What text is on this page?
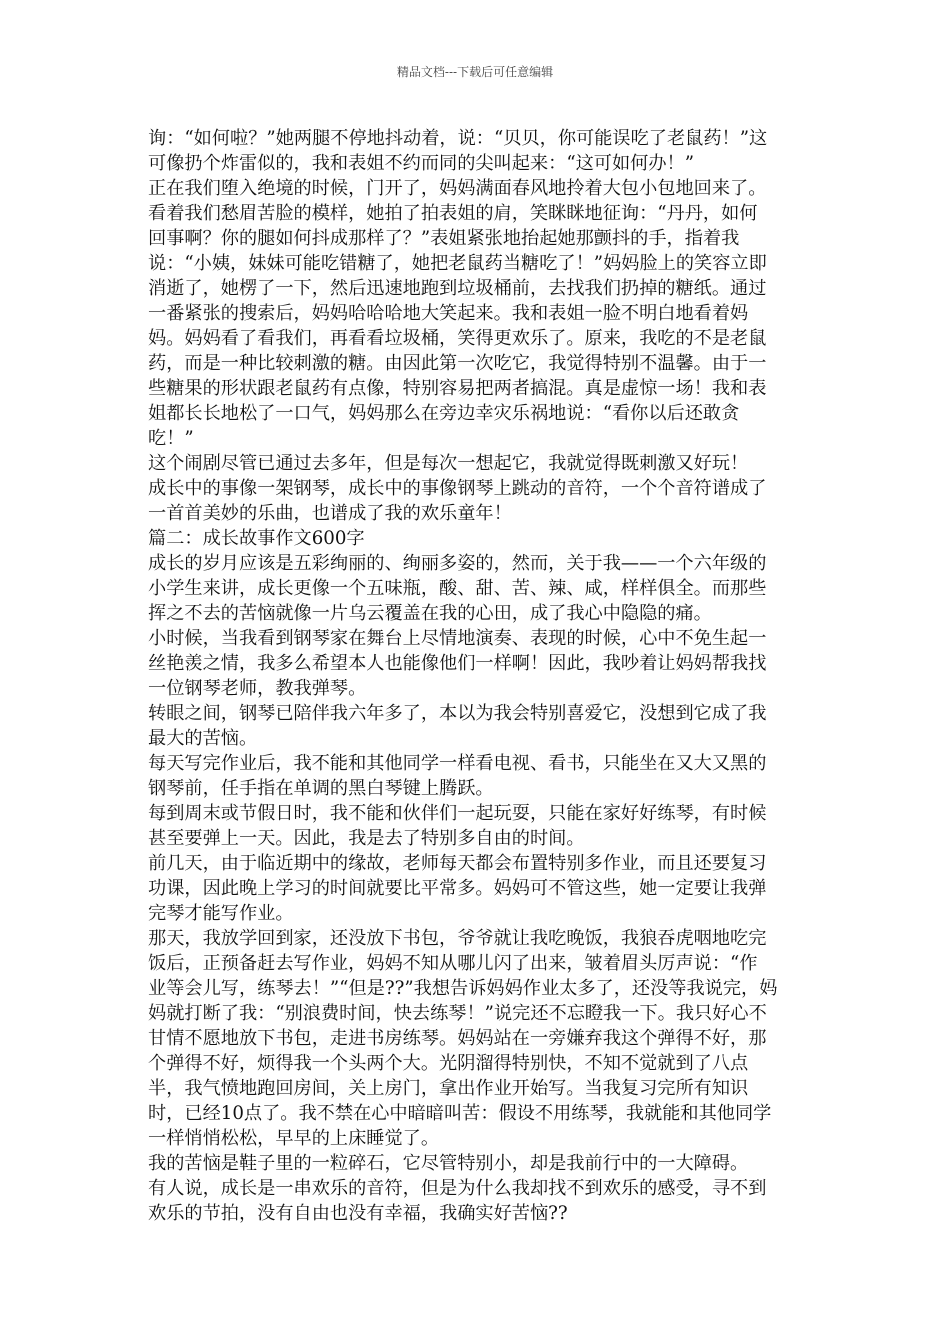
精品文档---下载后可任意编辑

询：“如何啦？”她两腿不停地抖动着，说：“贝贝，你可能误吃了老鼠药！”这
可像扔个炸雷似的，我和表姐不约而同的尖叫起来：“这可如何办！”

正在我们堕入绝境的时候，门开了，妈妈满面春风地拎着大包小包地回来了。
看着我们愁眉苦脸的模样，她拍了拍表姐的肩，笑眯眯地征询：“丹丹，如何
回事啊？你的腿如何抖成那样了？”表姐紧张地抬起她那颤抖的手，指着我
说：“小姨，妹妹可能吃错糖了，她把老鼠药当糖吃了！”妈妈脸上的笑容立即
消逝了，她楞了一下，然后迅速地跑到垃圾桶前，去找我们扔掉的糖纸。通过
一番紧张的搜索后，妈妈哈哈哈地大笑起来。我和表姐一脸不明白地看着妈
妈。妈妈看了看我们，再看看垃圾桶，笑得更欢乐了。原来，我吃的不是老鼠
药，而是一种比较刺激的糖。由因此第一次吃它，我觉得特别不温馨。由于一
些糖果的形状跟老鼠药有点像，特别容易把两者搞混。真是虚惊一场！我和表
姐都长长地松了一口气，妈妈那么在旁边幸灾乐祸地说：“看你以后还敢贪
吃！”

这个闹剧尽管已通过去多年，但是每次一想起它，我就觉得既刺激又好玩！

成长中的事像一架钢琴，成长中的事像钢琴上跳动的音符，一个个音符谱成了
一首首美妙的乐曲，也谱成了我的欢乐童年！

篇二：成长故事作文600字

成长的岁月应该是五彩绚丽的、绚丽多姿的，然而，关于我——一个六年级的
小学生来讲，成长更像一个五味瓶，酸、甜、苦、辣、咸，样样俱全。而那些
挥之不去的苦恼就像一片乌云覆盖在我的心田，成了我心中隐隐的痛。

小时候，当我看到钢琴家在舞台上尽情地演奏、表现的时候，心中不免生起一
丝艳羡之情，我多么希望本人也能像他们一样啊！因此，我吵着让妈妈帮我找
一位钢琴老师，教我弹琴。

转眼之间，钢琴已陪伴我六年多了，本以为我会特别喜爱它，没想到它成了我
最大的苦恼。

每天写完作业后，我不能和其他同学一样看电视、看书，只能坐在又大又黑的
钢琴前，任手指在单调的黑白琴键上腾跃。

每到周末或节假日时，我不能和伙伴们一起玩耍，只能在家好好练琴，有时候
甚至要弹上一天。因此，我是去了特别多自由的时间。

前几天，由于临近期中的缘故，老师每天都会布置特别多作业，而且还要复习
功课，因此晚上学习的时间就要比平常多。妈妈可不管这些，她一定要让我弹
完琴才能写作业。

那天，我放学回到家，还没放下书包，爷爷就让我吃晚饭，我狼吞虎咽地吃完
饭后，正预备赶去写作业，妈妈不知从哪儿闪了出来，皱着眉头厉声说：“作
业等会儿写，练琴去！”“但是??”我想告诉妈妈作业太多了，还没等我说完，妈
妈就打断了我：“别浪费时间，快去练琴！”说完还不忘瞪我一下。我只好心不
甘情不愿地放下书包，走进书房练琴。妈妈站在一旁嫌弃我这个弹得不好，那
个弹得不好，烦得我一个头两个大。光阴溜得特别快，不知不觉就到了八点
半，我气愤地跑回房间，关上房门，拿出作业开始写。当我复习完所有知识
时，已经10点了。我不禁在心中暗暗叫苦：假设不用练琴，我就能和其他同学
一样悄悄松松，早早的上床睡觉了。

我的苦恼是鞋子里的一粒碎石，它尽管特别小，却是我前行中的一大障碍。

有人说，成长是一串欢乐的音符，但是为什么我却找不到欢乐的感受，寻不到
欢乐的节拍，没有自由也没有幸福，我确实好苦恼??
